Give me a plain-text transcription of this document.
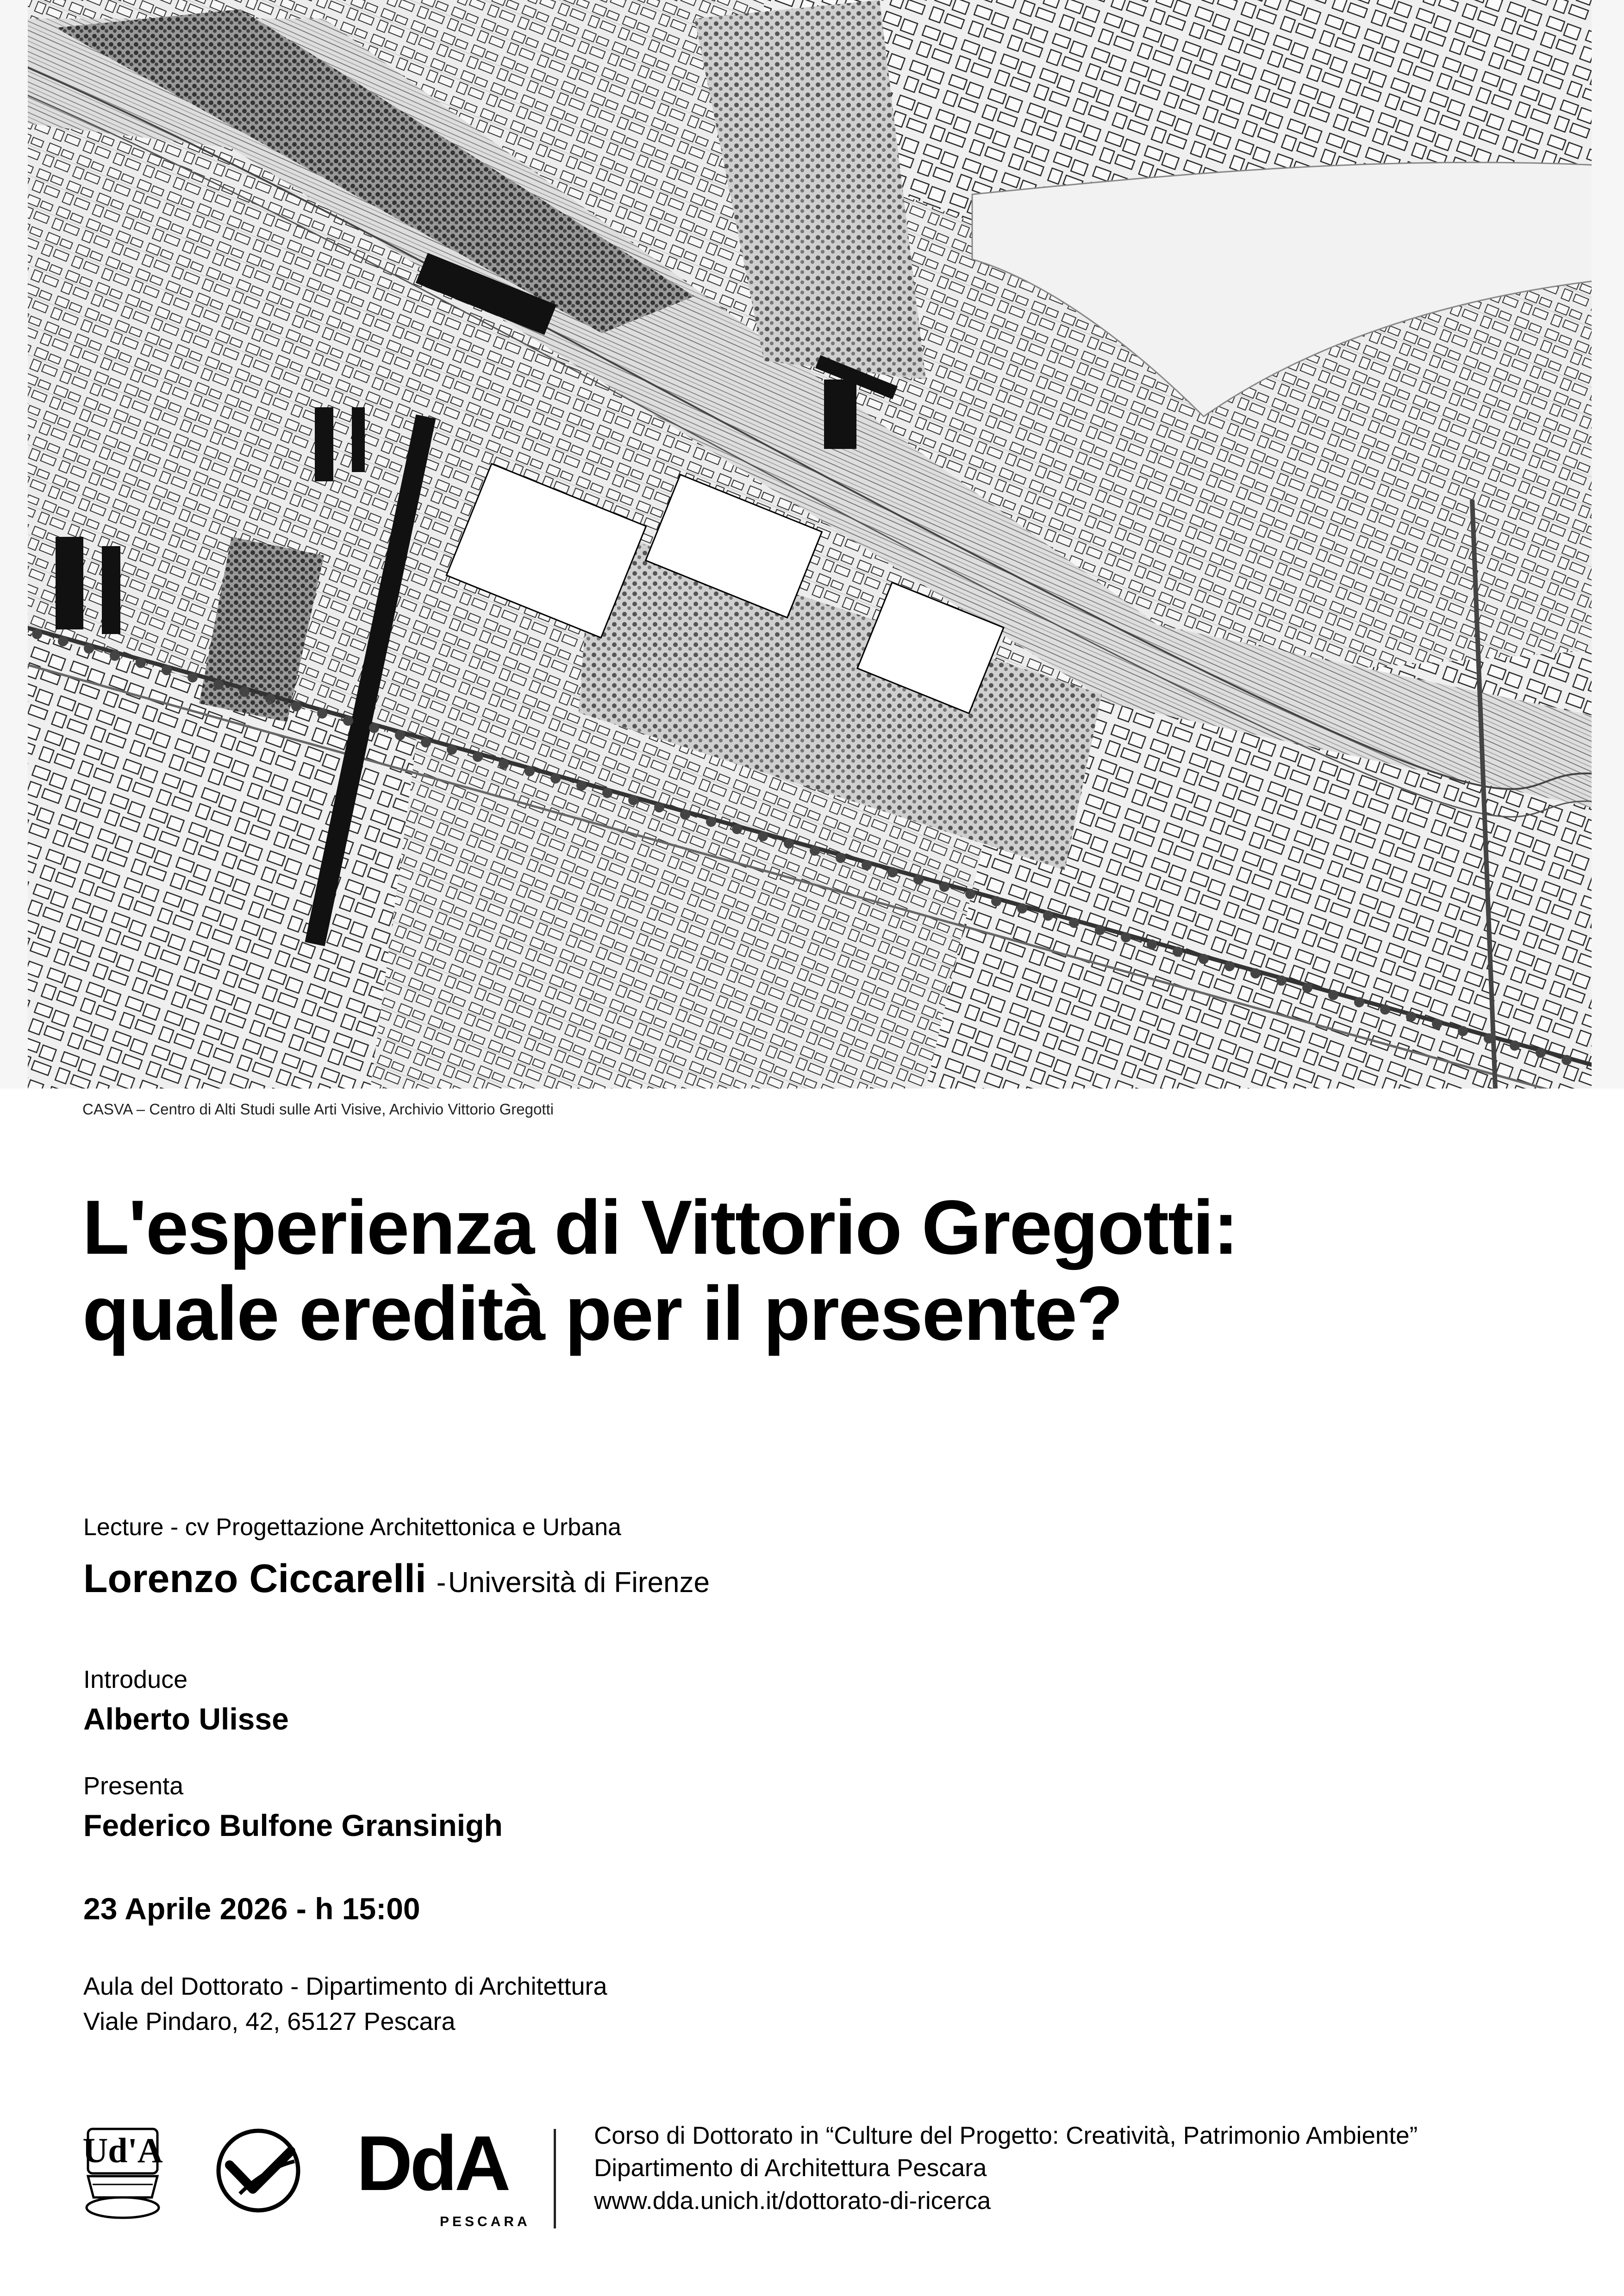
CASVA – Centro di Alti Studi sulle Arti Visive, Archivio Vittorio Gregotti
L'esperienza di Vittorio Gregotti:
quale eredità per il presente?
Lecture - cv Progettazione Architettonica e Urbana
Lorenzo Ciccarelli - Università di Firenze
Introduce
Alberto Ulisse
Presenta
Federico Bulfone Gransinigh
23 Aprile 2026 - h 15:00
Aula del Dottorato - Dipartimento di Architettura
Viale Pindaro, 42, 65127 Pescara
Ud'A DdA
PESCARA
Corso di Dottorato in “Culture del Progetto: Creatività, Patrimonio Ambiente”
Dipartimento di Architettura Pescara
www.dda.unich.it/dottorato-di-ricerca
